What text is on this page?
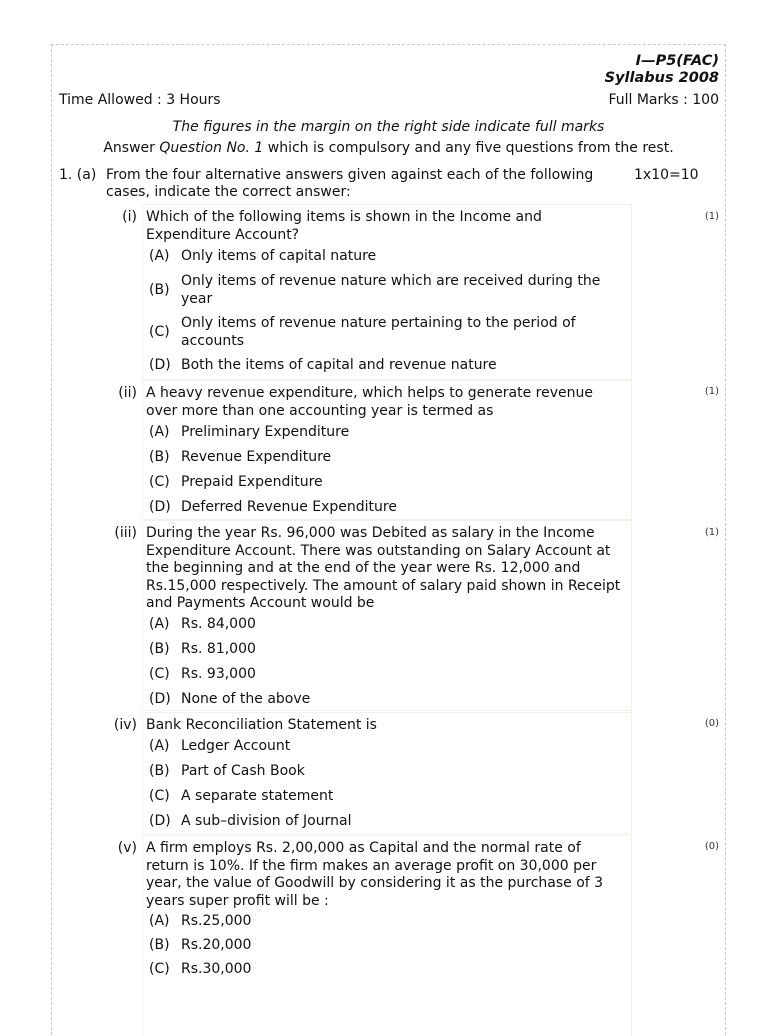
I—P5(FAC)
Syllabus 2008
Time Allowed : 3 Hours	Full Marks : 100
The figures in the margin on the right side indicate full marks
Answer Question No. 1 which is compulsory and any five questions from the rest.
1. (a) From the four alternative answers given against each of the following cases, indicate the correct answer:
1x10=10
(i) Which of the following items is shown in the Income and Expenditure Account?
(A) Only items of capital nature
(B)
Only items of revenue nature which are received during the year
(C)
Only items of revenue nature pertaining to the period of accounts
(D) Both the items of capital and revenue nature
(1)
(ii) A heavy revenue expenditure, which helps to generate revenue over more than one accounting year is termed as
(A) Preliminary Expenditure
(B) Revenue Expenditure
(C) Prepaid Expenditure
(D) Deferred Revenue Expenditure
(1)
(iii) During the year Rs. 96,000 was Debited as salary in the Income Expenditure Account. There was outstanding on Salary Account at the beginning and at the end of the year were Rs. 12,000 and Rs.15,000 respectively. The amount of salary paid shown in Receipt and Payments Account would be
(A) Rs. 84,000
(B) Rs. 81,000
(C) Rs. 93,000
(D) None of the above
(1)
(iv) Bank Reconciliation Statement is
(A) Ledger Account
(B) Part of Cash Book
(C) A separate statement
(D) A sub–division of Journal
(0)
(v) A firm employs Rs. 2,00,000 as Capital and the normal rate of return is 10%. If the firm makes an average profit on 30,000 per year, the value of Goodwill by considering it as the purchase of 3 years super profit will be :
(A) Rs.25,000
(B) Rs.20,000
(C) Rs.30,000
(0)
